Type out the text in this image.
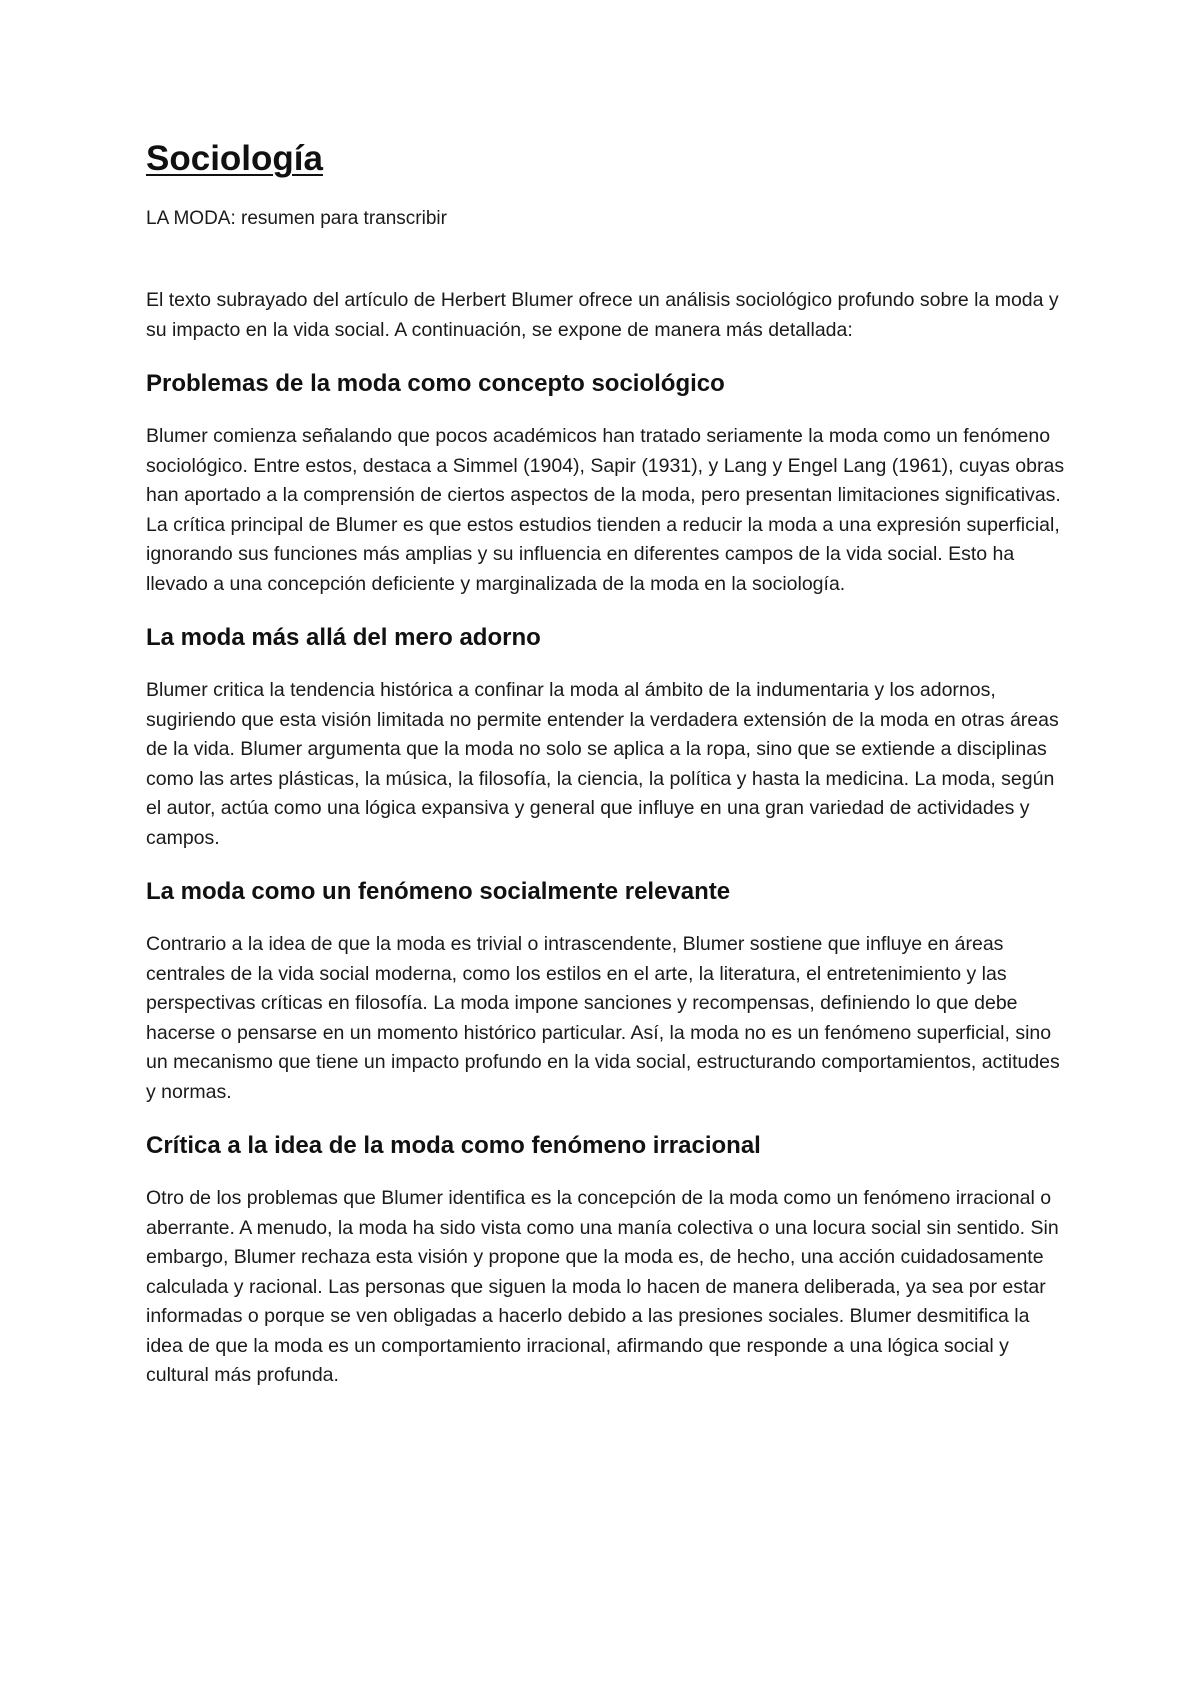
Sociología

LA MODA: resumen para transcribir

El texto subrayado del artículo de Herbert Blumer ofrece un análisis sociológico profundo sobre la moda y su impacto en la vida social. A continuación, se expone de manera más detallada:

Problemas de la moda como concepto sociológico

Blumer comienza señalando que pocos académicos han tratado seriamente la moda como un fenómeno sociológico. Entre estos, destaca a Simmel (1904), Sapir (1931), y Lang y Engel Lang (1961), cuyas obras han aportado a la comprensión de ciertos aspectos de la moda, pero presentan limitaciones significativas. La crítica principal de Blumer es que estos estudios tienden a reducir la moda a una expresión superficial, ignorando sus funciones más amplias y su influencia en diferentes campos de la vida social. Esto ha llevado a una concepción deficiente y marginalizada de la moda en la sociología.

La moda más allá del mero adorno

Blumer critica la tendencia histórica a confinar la moda al ámbito de la indumentaria y los adornos, sugiriendo que esta visión limitada no permite entender la verdadera extensión de la moda en otras áreas de la vida. Blumer argumenta que la moda no solo se aplica a la ropa, sino que se extiende a disciplinas como las artes plásticas, la música, la filosofía, la ciencia, la política y hasta la medicina. La moda, según el autor, actúa como una lógica expansiva y general que influye en una gran variedad de actividades y campos.

La moda como un fenómeno socialmente relevante

Contrario a la idea de que la moda es trivial o intrascendente, Blumer sostiene que influye en áreas centrales de la vida social moderna, como los estilos en el arte, la literatura, el entretenimiento y las perspectivas críticas en filosofía. La moda impone sanciones y recompensas, definiendo lo que debe hacerse o pensarse en un momento histórico particular. Así, la moda no es un fenómeno superficial, sino un mecanismo que tiene un impacto profundo en la vida social, estructurando comportamientos, actitudes y normas.

Crítica a la idea de la moda como fenómeno irracional

Otro de los problemas que Blumer identifica es la concepción de la moda como un fenómeno irracional o aberrante. A menudo, la moda ha sido vista como una manía colectiva o una locura social sin sentido. Sin embargo, Blumer rechaza esta visión y propone que la moda es, de hecho, una acción cuidadosamente calculada y racional. Las personas que siguen la moda lo hacen de manera deliberada, ya sea por estar informadas o porque se ven obligadas a hacerlo debido a las presiones sociales. Blumer desmitifica la idea de que la moda es un comportamiento irracional, afirmando que responde a una lógica social y cultural más profunda.
